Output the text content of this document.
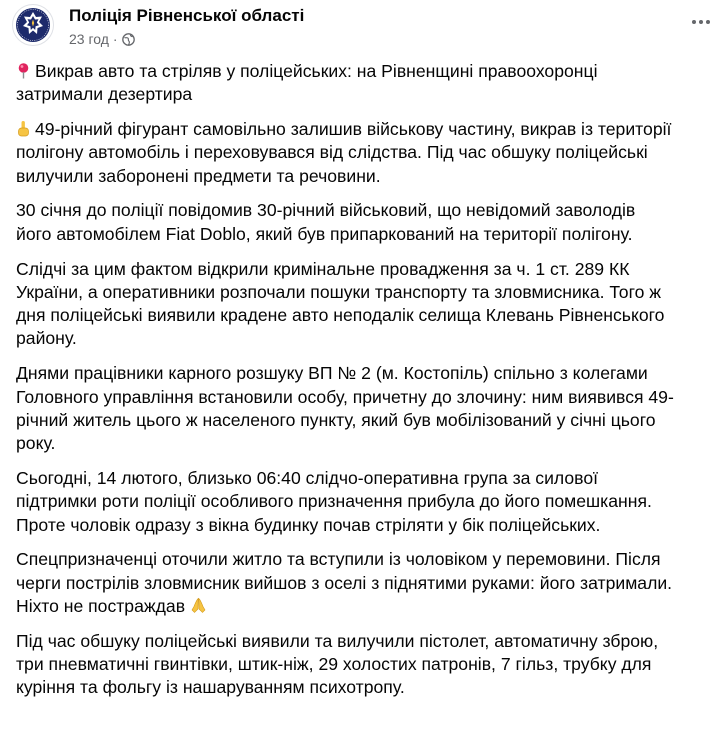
Поліція Рівненської області
23 год ·

Викрав авто та стріляв у поліцейських: на Рівненщині правоохоронці
затримали дезертира

49-річний фігурант самовільно залишив військову частину, викрав із території
полігону автомобіль і переховувався від слідства. Під час обшуку поліцейські
вилучили заборонені предмети та речовини.

30 січня до поліції повідомив 30-річний військовий, що невідомий заволодів
його автомобілем Fiat Doblo, який був припаркований на території полігону.

Слідчі за цим фактом відкрили кримінальне провадження за ч. 1 ст. 289 КК
України, а оперативники розпочали пошуки транспорту та зловмисника. Того ж
дня поліцейські виявили крадене авто неподалік селища Клевань Рівненського
району.

Днями працівники карного розшуку ВП № 2 (м. Костопіль) спільно з колегами
Головного управління встановили особу, причетну до злочину: ним виявився 49-
річний житель цього ж населеного пункту, який був мобілізований у січні цього
року.

Сьогодні, 14 лютого, близько 06:40 слідчо-оперативна група за силової
підтримки роти поліції особливого призначення прибула до його помешкання.
Проте чоловік одразу з вікна будинку почав стріляти у бік поліцейських.

Спецпризначенці оточили житло та вступили із чоловіком у перемовини. Після
черги пострілів зловмисник вийшов з оселі з піднятими руками: його затримали.
Ніхто не постраждав

Під час обшуку поліцейські виявили та вилучили пістолет, автоматичну зброю,
три пневматичні гвинтівки, штик-ніж, 29 холостих патронів, 7 гільз, трубку для
куріння та фольгу із нашаруванням психотропу.
